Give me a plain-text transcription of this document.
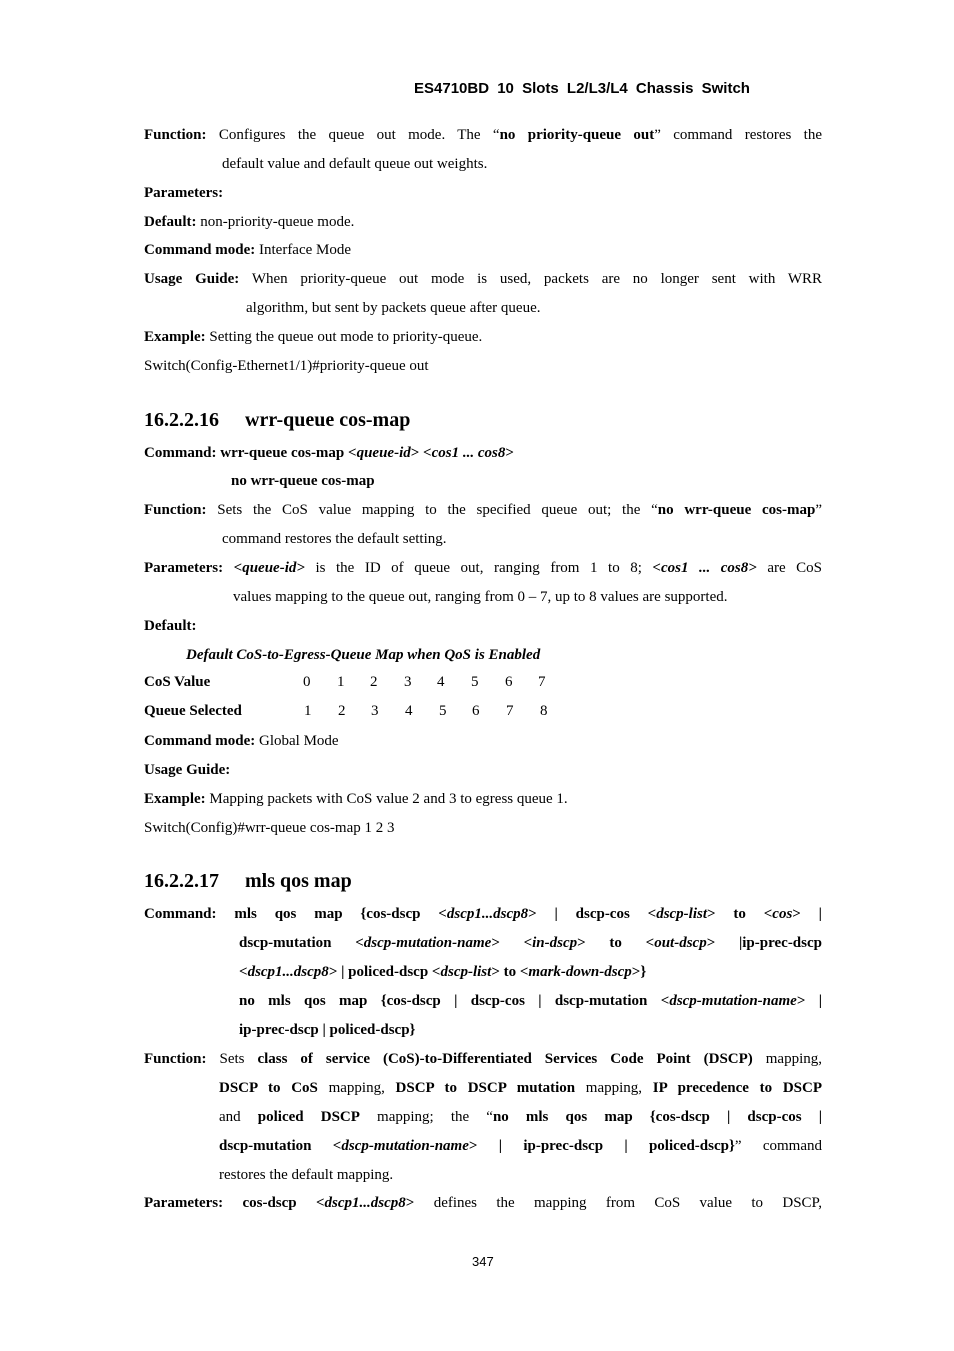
ES4710BD 10 Slots L2/L3/L4 Chassis Switch
Function: Configures the queue out mode. The “no priority-queue out” command restores the
default value and default queue out weights.
Parameters:
Default: non-priority-queue mode.
Command mode: Interface Mode
Usage Guide: When priority-queue out mode is used, packets are no longer sent with WRR
algorithm, but sent by packets queue after queue.
Example: Setting the queue out mode to priority-queue.
Switch(Config-Ethernet1/1)#priority-queue out
16.2.2.16 wrr-queue cos-map
Command: wrr-queue cos-map <queue-id> <cos1 ... cos8>
no wrr-queue cos-map
Function: Sets the CoS value mapping to the specified queue out; the “no wrr-queue cos-map”
command restores the default setting.
Parameters: <queue-id> is the ID of queue out, ranging from 1 to 8; <cos1 ... cos8> are CoS
values mapping to the queue out, ranging from 0 – 7, up to 8 values are supported.
Default:
Default CoS-to-Egress-Queue Map when QoS is Enabled
CoS Value	0 1 2 3 4 5 6 7
Queue Selected	1 2 3 4 5 6 7 8
Command mode: Global Mode
Usage Guide:
Example: Mapping packets with CoS value 2 and 3 to egress queue 1.
Switch(Config)#wrr-queue cos-map 1 2 3
16.2.2.17 mls qos map
Command: mls qos map {cos-dscp <dscp1...dscp8> | dscp-cos <dscp-list> to <cos> |
dscp-mutation <dscp-mutation-name> <in-dscp> to <out-dscp> |ip-prec-dscp
<dscp1...dscp8> | policed-dscp <dscp-list> to <mark-down-dscp>}
no mls qos map {cos-dscp | dscp-cos | dscp-mutation <dscp-mutation-name> |
ip-prec-dscp | policed-dscp}
Function: Sets class of service (CoS)-to-Differentiated Services Code Point (DSCP) mapping,
DSCP to CoS mapping, DSCP to DSCP mutation mapping, IP precedence to DSCP
and policed DSCP mapping; the “no mls qos map {cos-dscp | dscp-cos |
dscp-mutation <dscp-mutation-name> | ip-prec-dscp | policed-dscp}” command
restores the default mapping.
Parameters: cos-dscp <dscp1...dscp8> defines the mapping from CoS value to DSCP,
347
